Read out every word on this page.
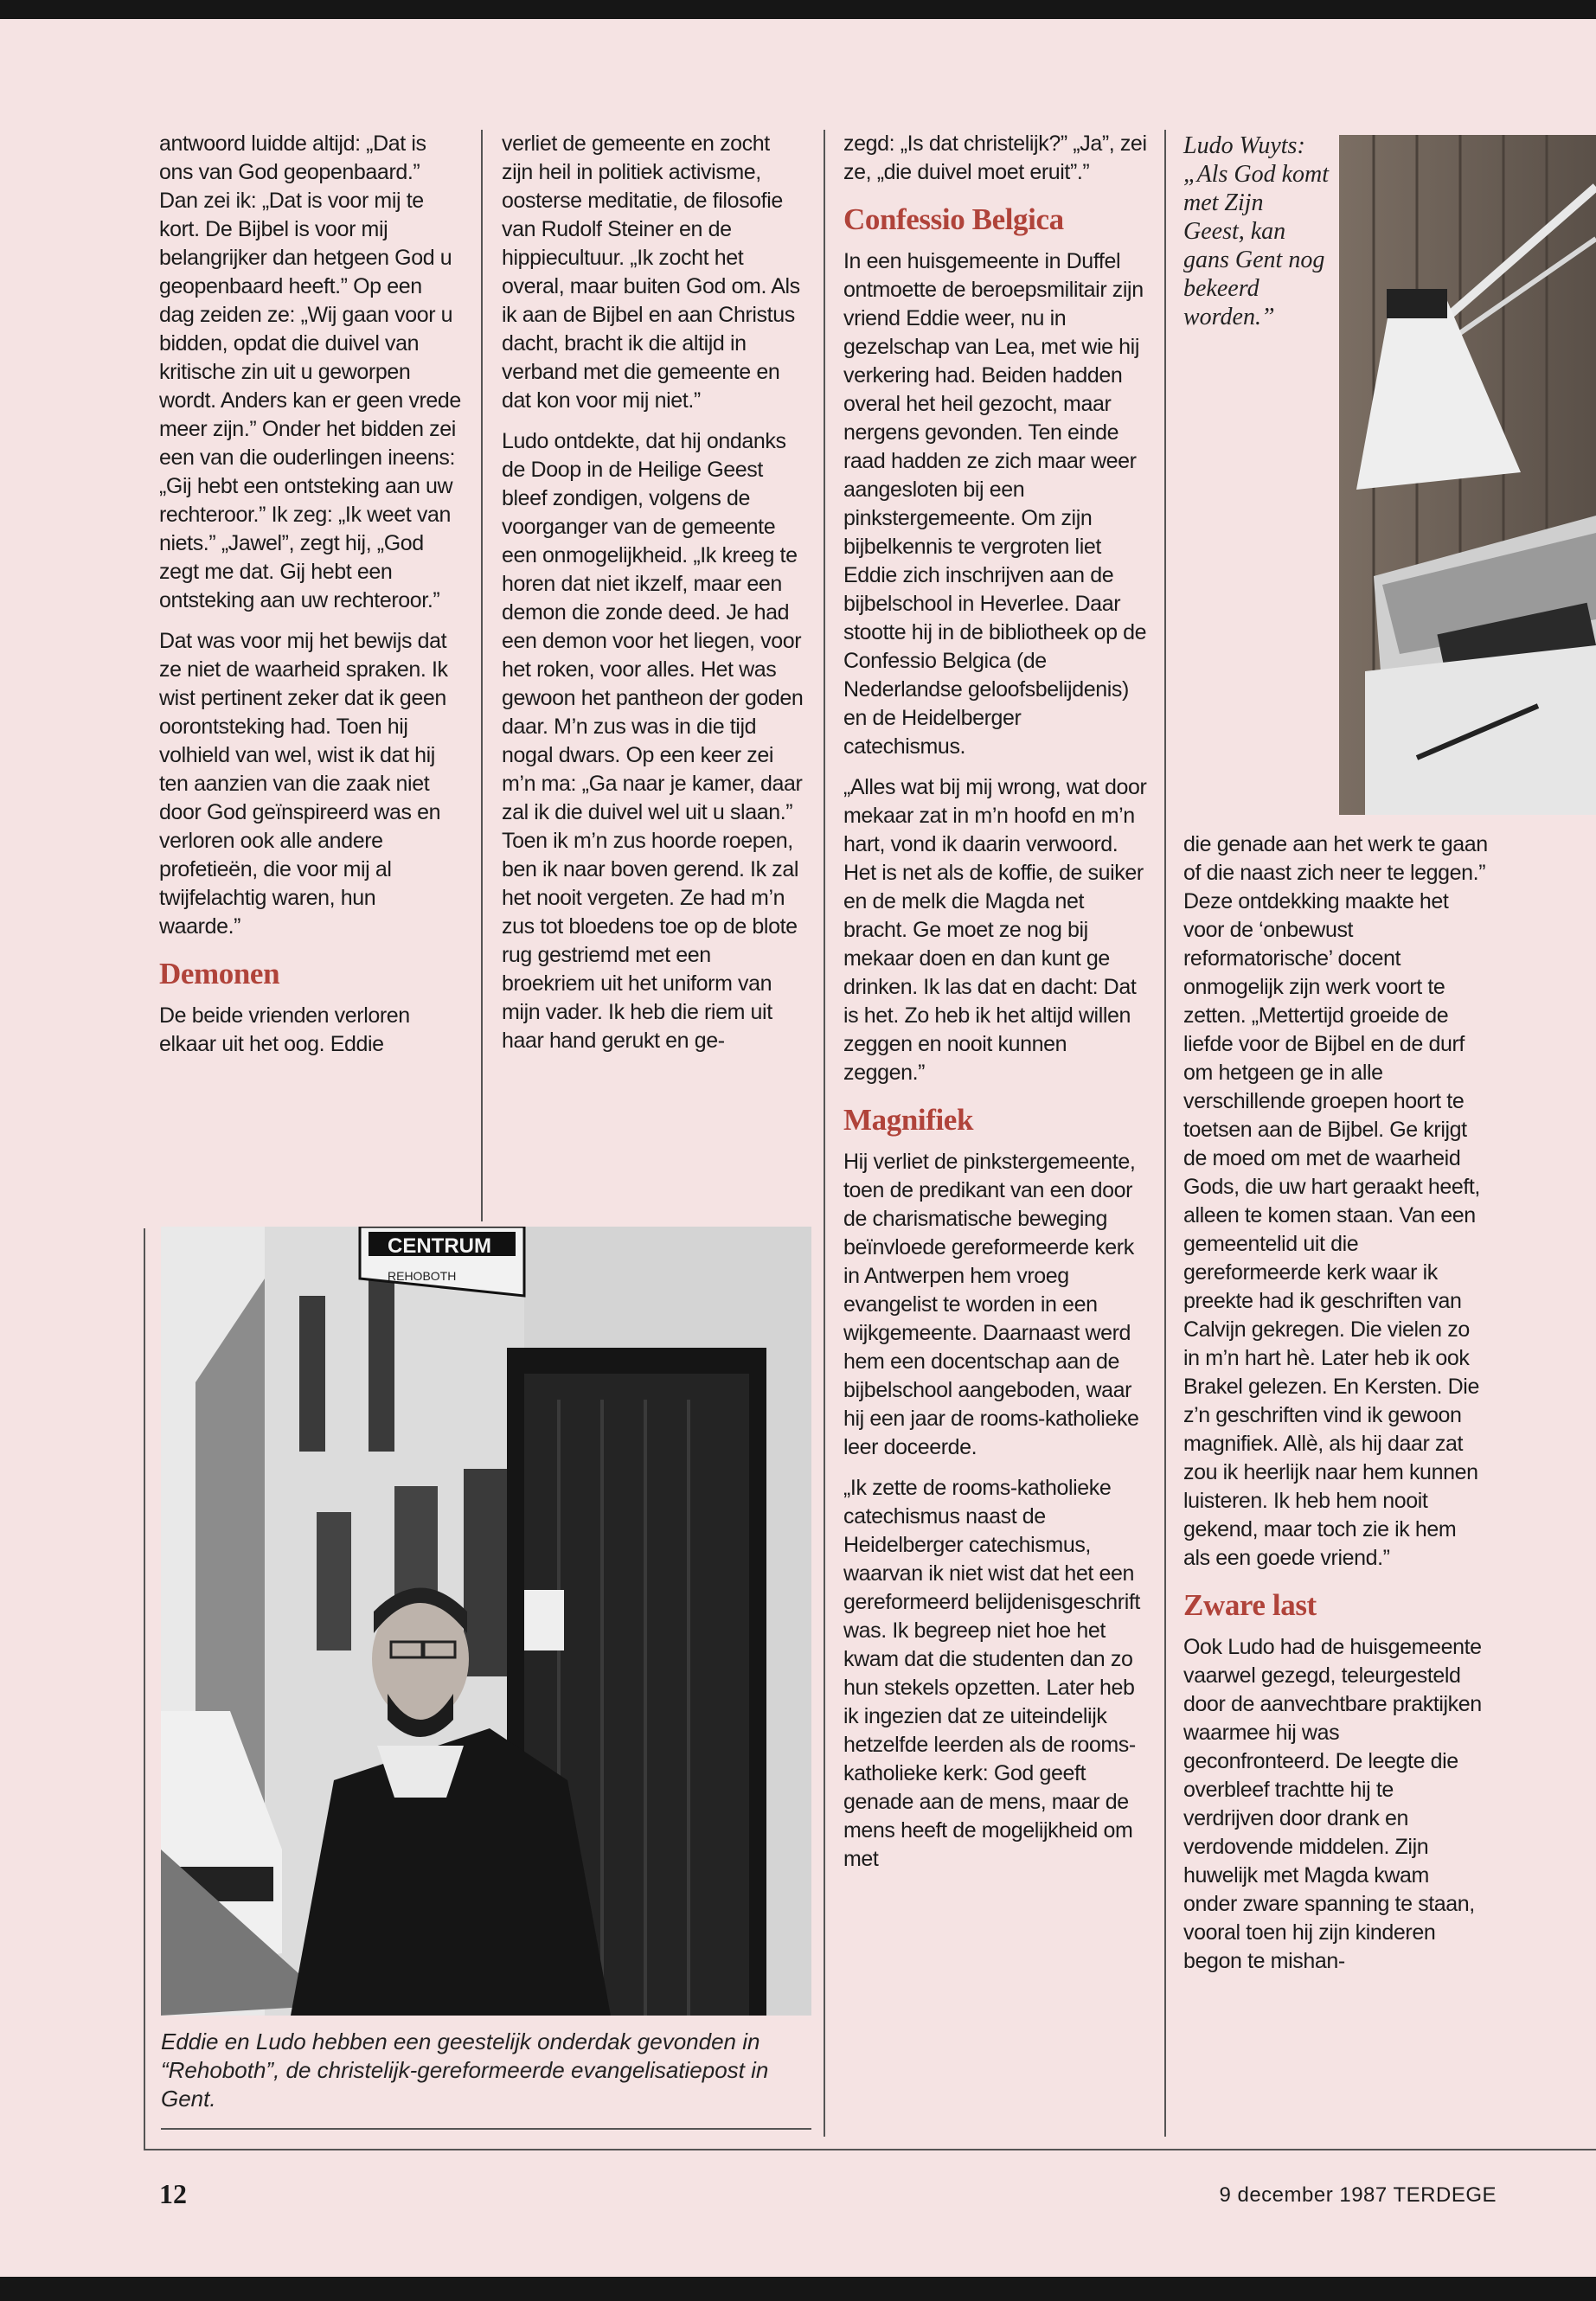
antwoord luidde altijd: „Dat is ons van God geopenbaard.” Dan zei ik: „Dat is voor mij te kort. De Bijbel is voor mij belangrijker dan hetgeen God u geopenbaard heeft.” Op een dag zeiden ze: „Wij gaan voor u bidden, opdat die duivel van kritische zin uit u geworpen wordt. Anders kan er geen vrede meer zijn.” Onder het bidden zei een van die ouderlingen ineens: „Gij hebt een ontsteking aan uw rechteroor.” Ik zeg: „Ik weet van niets.” „Jawel”, zegt hij, „God zegt me dat. Gij hebt een ontsteking aan uw rechteroor.”

Dat was voor mij het bewijs dat ze niet de waarheid spraken. Ik wist pertinent zeker dat ik geen oorontsteking had. Toen hij volhield van wel, wist ik dat hij ten aanzien van die zaak niet door God geïnspireerd was en verloren ook alle andere profetieën, die voor mij al twijfelachtig waren, hun waarde.”

Demonen

De beide vrienden verloren elkaar uit het oog. Eddie

verliet de gemeente en zocht zijn heil in politiek activisme, oosterse meditatie, de filosofie van Rudolf Steiner en de hippiecultuur. „Ik zocht het overal, maar buiten God om. Als ik aan de Bijbel en aan Christus dacht, bracht ik die altijd in verband met die gemeente en dat kon voor mij niet.”

Ludo ontdekte, dat hij ondanks de Doop in de Heilige Geest bleef zondigen, volgens de voorganger van de gemeente een onmogelijkheid. „Ik kreeg te horen dat niet ikzelf, maar een demon die zonde deed. Je had een demon voor het liegen, voor het roken, voor alles. Het was gewoon het pantheon der goden daar. M’n zus was in die tijd nogal dwars. Op een keer zei m’n ma: „Ga naar je kamer, daar zal ik die duivel wel uit u slaan.” Toen ik m’n zus hoorde roepen, ben ik naar boven gerend. Ik zal het nooit vergeten. Ze had m’n zus tot bloedens toe op de blote rug gestriemd met een broekriem uit het uniform van mijn vader. Ik heb die riem uit haar hand gerukt en ge-

zegd: „Is dat christelijk?” „Ja”, zei ze, „die duivel moet eruit”.”

Confessio Belgica

In een huisgemeente in Duffel ontmoette de beroepsmilitair zijn vriend Eddie weer, nu in gezelschap van Lea, met wie hij verkering had. Beiden hadden overal het heil gezocht, maar nergens gevonden. Ten einde raad hadden ze zich maar weer aangesloten bij een pinkstergemeente. Om zijn bijbelkennis te vergroten liet Eddie zich inschrijven aan de bijbelschool in Heverlee. Daar stootte hij in de bibliotheek op de Confessio Belgica (de Nederlandse geloofsbelijdenis) en de Heidelberger catechismus.

„Alles wat bij mij wrong, wat door mekaar zat in m’n hoofd en m’n hart, vond ik daarin verwoord. Het is net als de koffie, de suiker en de melk die Magda net bracht. Ge moet ze nog bij mekaar doen en dan kunt ge drinken. Ik las dat en dacht: Dat is het. Zo heb ik het altijd willen zeggen en nooit kunnen zeggen.”

Magnifiek

Hij verliet de pinkstergemeente, toen de predikant van een door de charismatische beweging beïnvloede gereformeerde kerk in Antwerpen hem vroeg evangelist te worden in een wijkgemeente. Daarnaast werd hem een docentschap aan de bijbelschool aangeboden, waar hij een jaar de rooms-katholieke leer doceerde.

„Ik zette de rooms-katholieke catechismus naast de Heidelberger catechismus, waarvan ik niet wist dat het een gereformeerd belijdenisgeschrift was. Ik begreep niet hoe het kwam dat die studenten dan zo hun stekels opzetten. Later heb ik ingezien dat ze uiteindelijk hetzelfde leerden als de rooms-katholieke kerk: God geeft genade aan de mens, maar de mens heeft de mogelijkheid om met

Ludo Wuyts: „Als God komt met Zijn Geest, kan gans Gent nog bekeerd worden.”

die genade aan het werk te gaan of die naast zich neer te leggen.”

Deze ontdekking maakte het voor de ‘onbewust reformatorische’ docent onmogelijk zijn werk voort te zetten. „Mettertijd groeide de liefde voor de Bijbel en de durf om hetgeen ge in alle verschillende groepen hoort te toetsen aan de Bijbel. Ge krijgt de moed om met de waarheid Gods, die uw hart geraakt heeft, alleen te komen staan. Van een gemeentelid uit die gereformeerde kerk waar ik preekte had ik geschriften van Calvijn gekregen. Die vielen zo in m’n hart hè. Later heb ik ook Brakel gelezen. En Kersten. Die z’n geschriften vind ik gewoon magnifiek. Allè, als hij daar zat zou ik heerlijk naar hem kunnen luisteren. Ik heb hem nooit gekend, maar toch zie ik hem als een goede vriend.”

Zware last

Ook Ludo had de huisgemeente vaarwel gezegd, teleurgesteld door de aanvechtbare praktijken waarmee hij was geconfronteerd. De leegte die overbleef trachtte hij te verdrijven door drank en verdovende middelen. Zijn huwelijk met Magda kwam onder zware spanning te staan, vooral toen hij zijn kinderen begon te mishan-

CENTRUM
REHOBOTH
Eddie en Ludo hebben een geestelijk onderdak gevonden in “Rehoboth”, de christelijk-gereformeerde evangelisatiepost in Gent.
12	9 december 1987 TERDEGE
